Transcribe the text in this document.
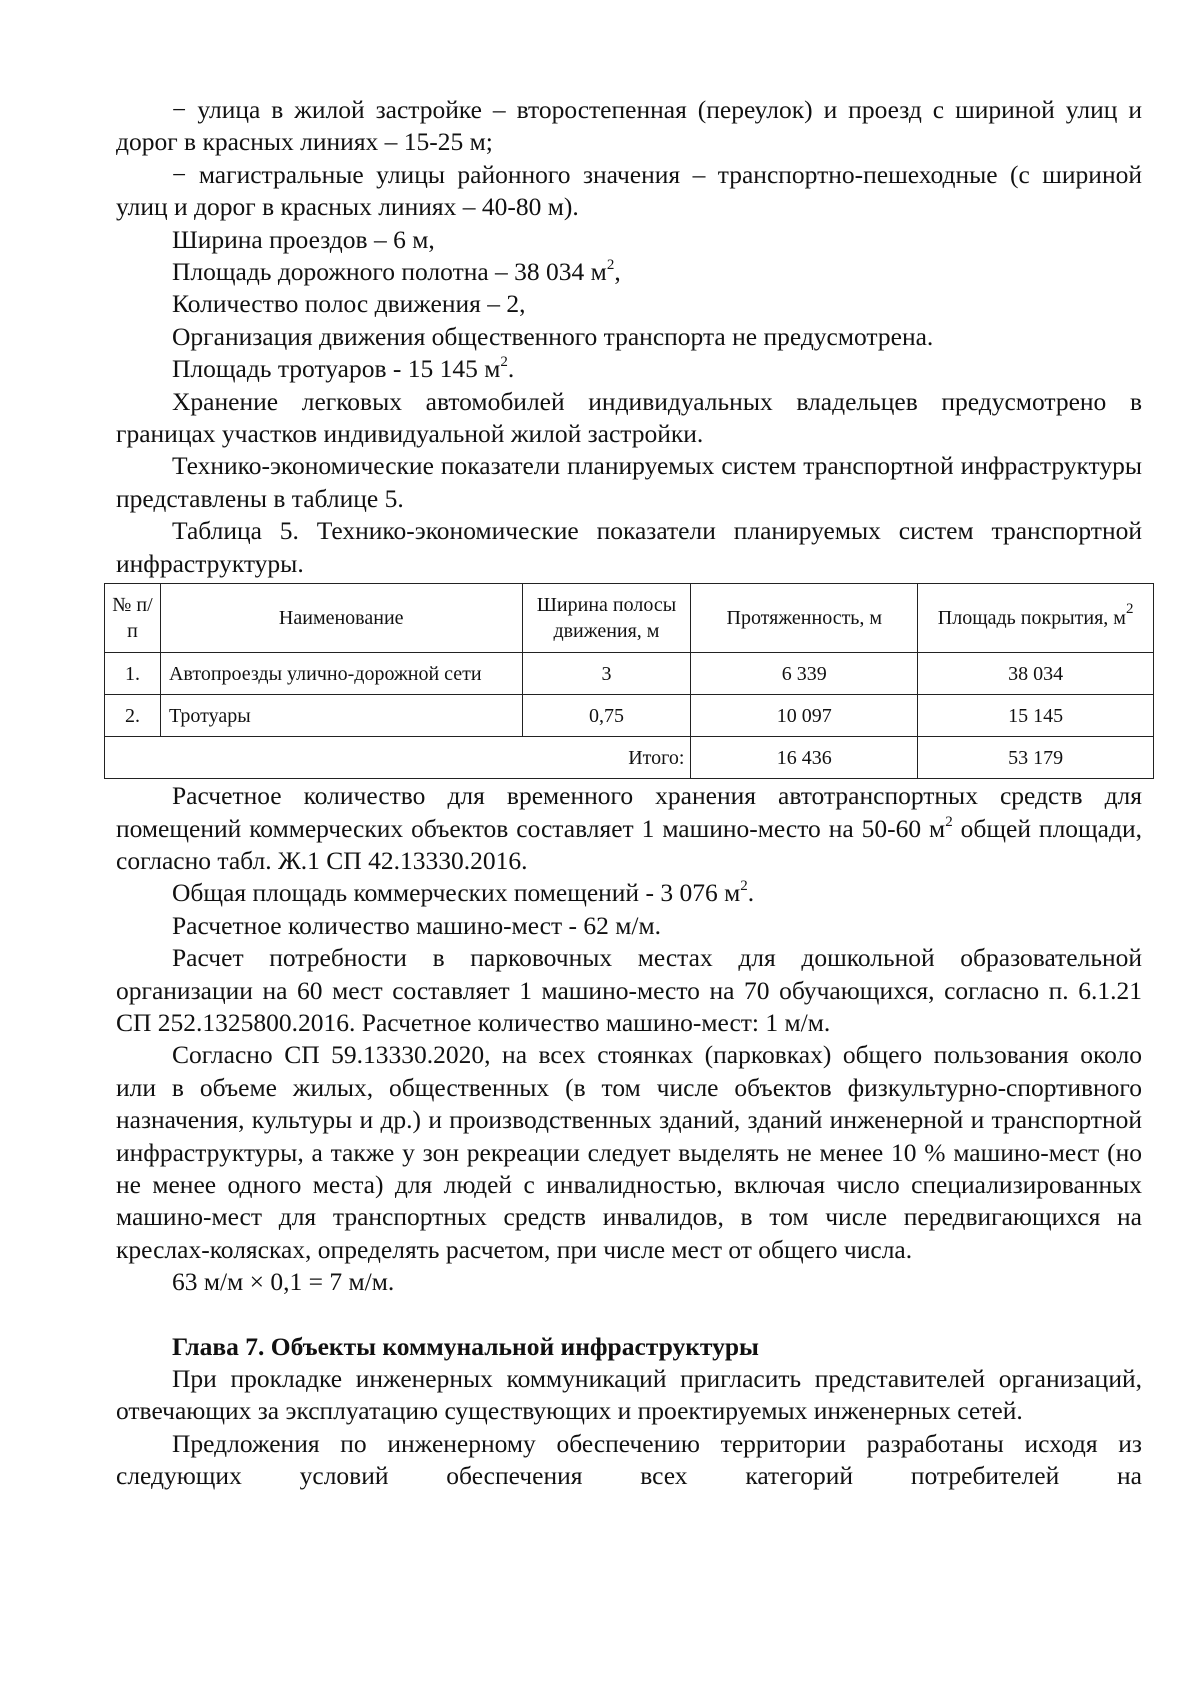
− улица в жилой застройке – второстепенная (переулок) и проезд с шириной улиц и дорог в красных линиях – 15-25 м;

− магистральные улицы районного значения – транспортно-пешеходные (с шириной улиц и дорог в красных линиях – 40-80 м).

Ширина проездов – 6 м,

Площадь дорожного полотна – 38 034 $м^2$,

Количество полос движения – 2,

Организация движения общественного транспорта не предусмотрена.

Площадь тротуаров - 15 145 $м^2$.

Хранение легковых автомобилей индивидуальных владельцев предусмотрено в границах участков индивидуальной жилой застройки.

Технико-экономические показатели планируемых систем транспортной инфраструктуры представлены в таблице 5.

Таблица 5. Технико-экономические показатели планируемых систем транспортной инфраструктуры.

№ п/п	Наименование	Ширина полосы движения, м	Протяженность, м	Площадь покрытия, $м^2$
1.	Автопроезды улично-дорожной сети	3	6 339	38 034
2.	Тротуары	0,75	10 097	15 145
Итого:			16 436	53 179

Расчетное количество для временного хранения автотранспортных средств для помещений коммерческих объектов составляет 1 машино-место на 50-60 $м^2$ общей площади, согласно табл. Ж.1 СП 42.13330.2016.

Общая площадь коммерческих помещений - 3 076 $м^2$.

Расчетное количество машино-мест - 62 м/м.

Расчет потребности в парковочных местах для дошкольной образовательной организации на 60 мест составляет 1 машино-место на 70 обучающихся, согласно п. 6.1.21 СП 252.1325800.2016. Расчетное количество машино-мест: 1 м/м.

Согласно СП 59.13330.2020, на всех стоянках (парковках) общего пользования около или в объеме жилых, общественных (в том числе объектов физкультурно-спортивного назначения, культуры и др.) и производственных зданий, зданий инженерной и транспортной инфраструктуры, а также у зон рекреации следует выделять не менее 10 % машино-мест (но не менее одного места) для людей с инвалидностью, включая число специализированных машино-мест для транспортных средств инвалидов, в том числе передвигающихся на креслах-колясках, определять расчетом, при числе мест от общего числа.

63 м/м × 0,1 = 7 м/м.

Глава 7. Объекты коммунальной инфраструктуры

При прокладке инженерных коммуникаций пригласить представителей организаций, отвечающих за эксплуатацию существующих и проектируемых инженерных сетей.

Предложения по инженерному обеспечению территории разработаны исходя из следующих условий обеспечения всех категорий потребителей на
